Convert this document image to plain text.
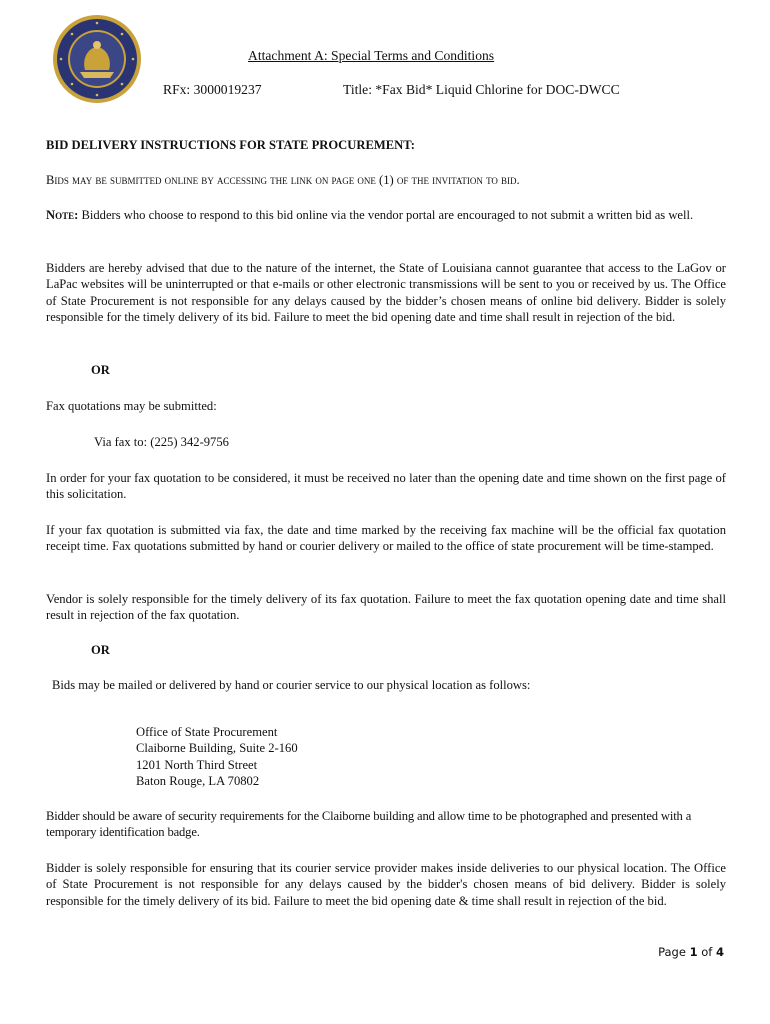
Attachment A: Special Terms and Conditions
RFx: 3000019237	Title: *Fax Bid* Liquid Chlorine for DOC-DWCC
BID DELIVERY INSTRUCTIONS FOR STATE PROCUREMENT:
Bids may be submitted online by accessing the link on page one (1) of the invitation to bid.

Note: Bidders who choose to respond to this bid online via the vendor portal are encouraged to not submit a written bid as well.

Bidders are hereby advised that due to the nature of the internet, the State of Louisiana cannot guarantee that access to the LaGov or LaPac websites will be uninterrupted or that e-mails or other electronic transmissions will be sent to you or received by us. The Office of State Procurement is not responsible for any delays caused by the bidder’s chosen means of online bid delivery. Bidder is solely responsible for the timely delivery of its bid. Failure to meet the bid opening date and time shall result in rejection of the bid.

OR
Fax quotations may be submitted:
Via fax to: (225) 342-9756

In order for your fax quotation to be considered, it must be received no later than the opening date and time shown on the first page of this solicitation.

If your fax quotation is submitted via fax, the date and time marked by the receiving fax machine will be the official fax quotation receipt time. Fax quotations submitted by hand or courier delivery or mailed to the office of state procurement will be time-stamped.

Vendor is solely responsible for the timely delivery of its fax quotation. Failure to meet the fax quotation opening date and time shall result in rejection of the fax quotation.

OR
Bids may be mailed or delivered by hand or courier service to our physical location as follows:
Office of State Procurement
Claiborne Building, Suite 2-160
1201 North Third Street
Baton Rouge, LA 70802

Bidder should be aware of security requirements for the Claiborne building and allow time to be photographed and presented with a temporary identification badge.

Bidder is solely responsible for ensuring that its courier service provider makes inside deliveries to our physical location. The Office of State Procurement is not responsible for any delays caused by the bidder's chosen means of bid delivery. Bidder is solely responsible for the timely delivery of its bid. Failure to meet the bid opening date & time shall result in rejection of the bid.

Page 1 of 4
